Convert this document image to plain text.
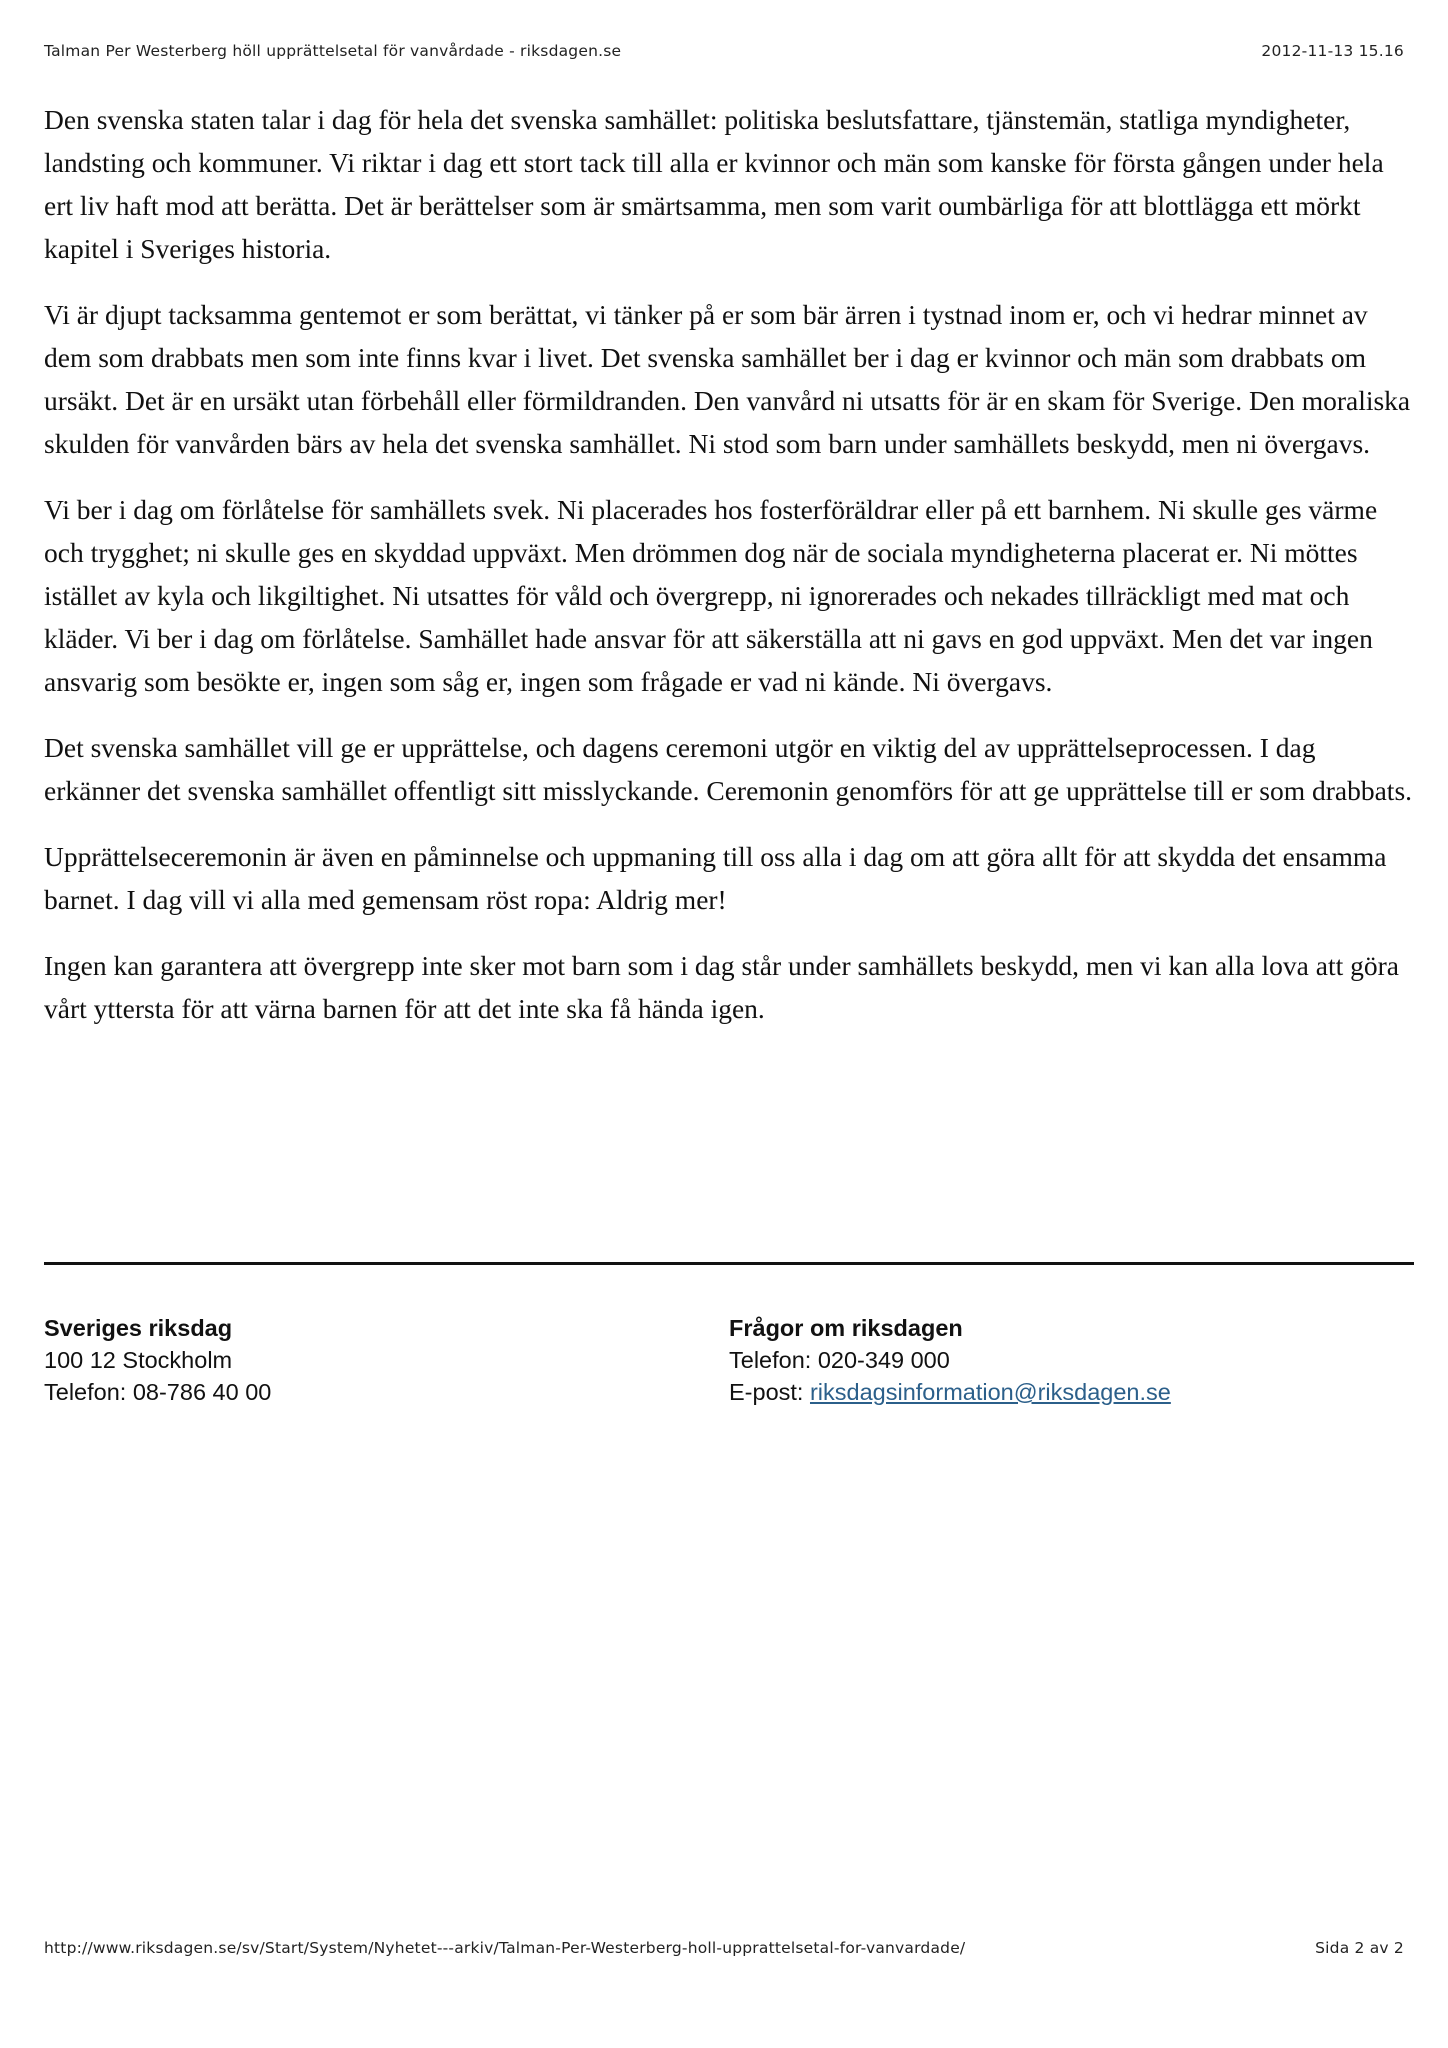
Talman Per Westerberg höll upprättelsetal för vanvårdade - riksdagen.se	2012-11-13 15.16

Den svenska staten talar i dag för hela det svenska samhället: politiska beslutsfattare, tjänstemän, statliga myndigheter, landsting och kommuner. Vi riktar i dag ett stort tack till alla er kvinnor och män som kanske för första gången under hela ert liv haft mod att berätta. Det är berättelser som är smärtsamma, men som varit oumbärliga för att blottlägga ett mörkt kapitel i Sveriges historia.

Vi är djupt tacksamma gentemot er som berättat, vi tänker på er som bär ärren i tystnad inom er, och vi hedrar minnet av dem som drabbats men som inte finns kvar i livet. Det svenska samhället ber i dag er kvinnor och män som drabbats om ursäkt. Det är en ursäkt utan förbehåll eller förmildranden. Den vanvård ni utsatts för är en skam för Sverige. Den moraliska skulden för vanvården bärs av hela det svenska samhället. Ni stod som barn under samhällets beskydd, men ni övergavs.

Vi ber i dag om förlåtelse för samhällets svek. Ni placerades hos fosterföräldrar eller på ett barnhem. Ni skulle ges värme och trygghet; ni skulle ges en skyddad uppväxt. Men drömmen dog när de sociala myndigheterna placerat er. Ni möttes istället av kyla och likgiltighet. Ni utsattes för våld och övergrepp, ni ignorerades och nekades tillräckligt med mat och kläder. Vi ber i dag om förlåtelse. Samhället hade ansvar för att säkerställa att ni gavs en god uppväxt. Men det var ingen ansvarig som besökte er, ingen som såg er, ingen som frågade er vad ni kände. Ni övergavs.

Det svenska samhället vill ge er upprättelse, och dagens ceremoni utgör en viktig del av upprättelseprocessen. I dag erkänner det svenska samhället offentligt sitt misslyckande. Ceremonin genomförs för att ge upprättelse till er som drabbats.

Upprättelseceremonin är även en påminnelse och uppmaning till oss alla i dag om att göra allt för att skydda det ensamma barnet. I dag vill vi alla med gemensam röst ropa: Aldrig mer!

Ingen kan garantera att övergrepp inte sker mot barn som i dag står under samhällets beskydd, men vi kan alla lova att göra vårt yttersta för att värna barnen för att det inte ska få hända igen.

Sveriges riksdag
100 12 Stockholm
Telefon: 08-786 40 00
Frågor om riksdagen
Telefon: 020-349 000
E-post: riksdagsinformation@riksdagen.se
http://www.riksdagen.se/sv/Start/System/Nyhetet---arkiv/Talman-Per-Westerberg-holl-upprattelsetal-for-vanvardade/	Sida 2 av 2
